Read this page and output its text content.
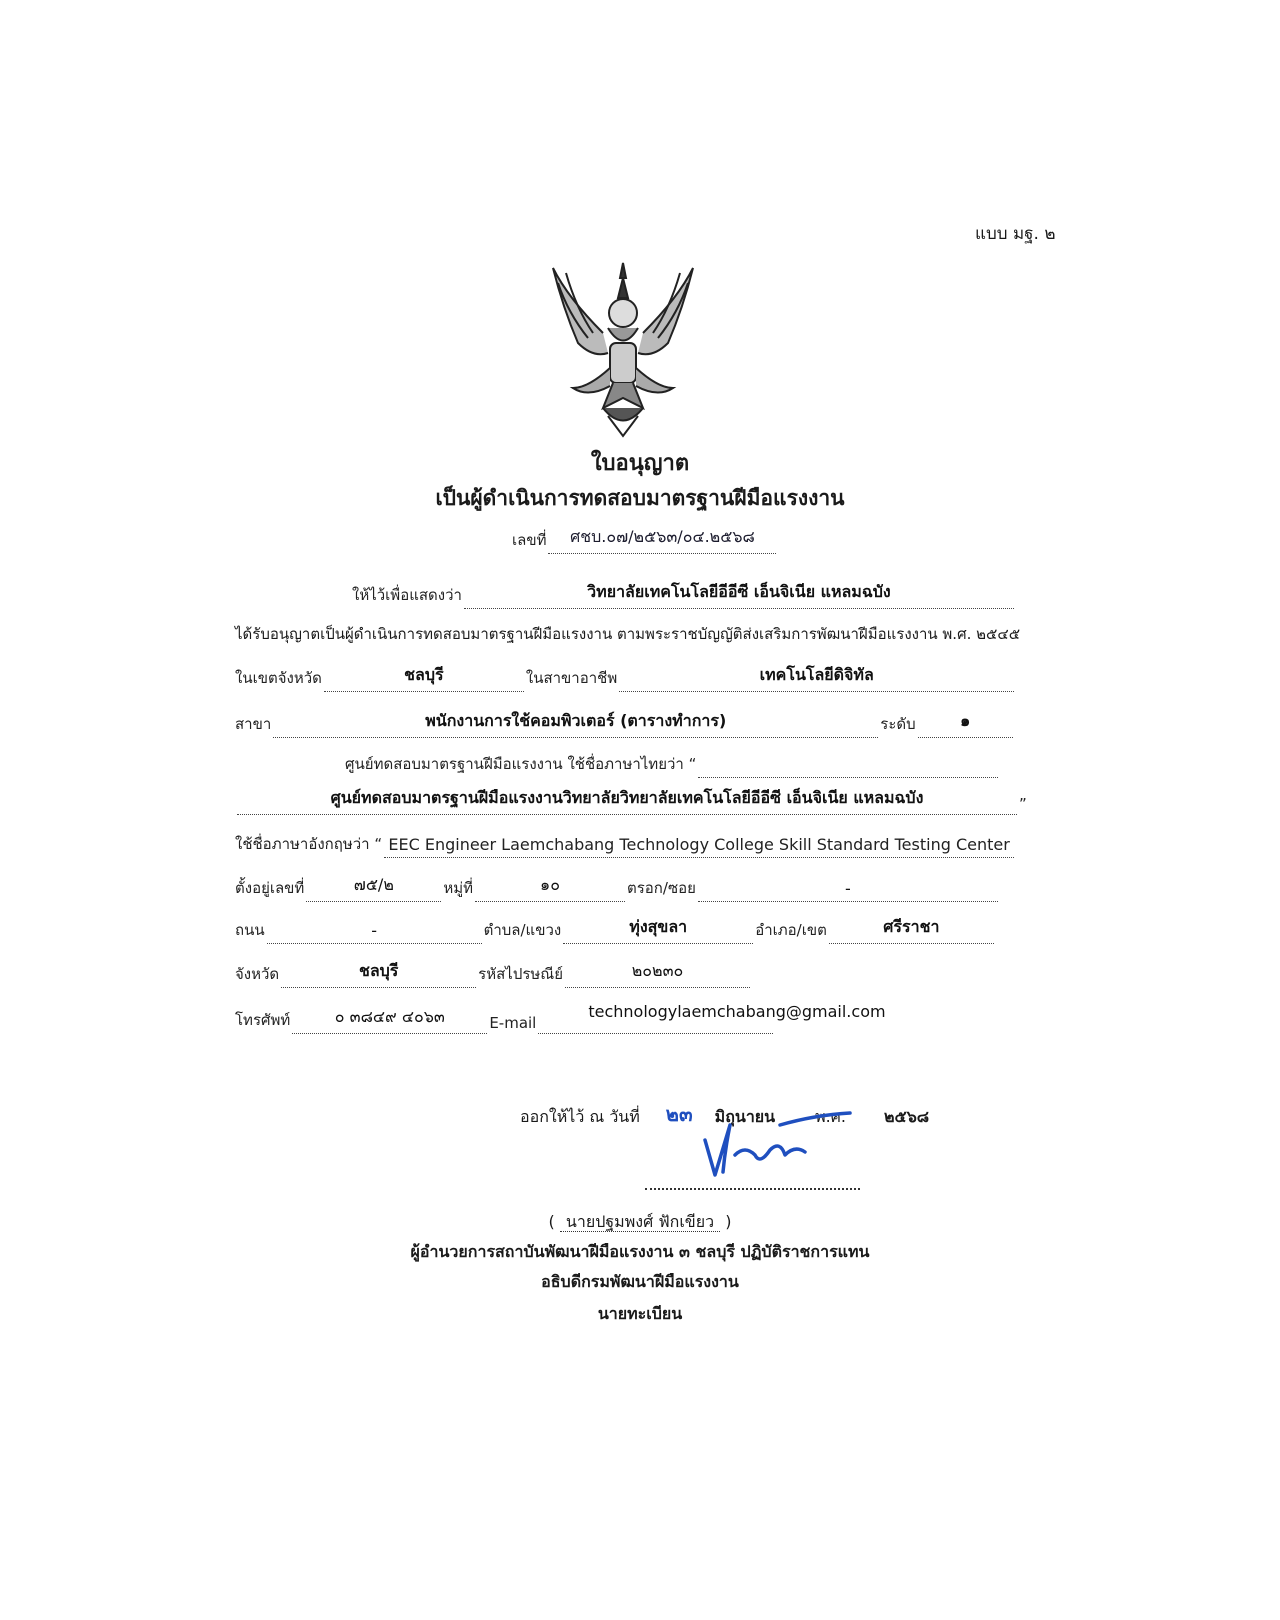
แบบ มฐ. ๒
ใบอนุญาต
เป็นผู้ดำเนินการทดสอบมาตรฐานฝีมือแรงงาน
เลขที่	ศชบ.๐๗/๒๕๖๓/๐๔.๒๕๖๘
ให้ไว้เพื่อแสดงว่า	วิทยาลัยเทคโนโลยีอีอีซี เอ็นจิเนีย แหลมฉบัง
ได้รับอนุญาตเป็นผู้ดำเนินการทดสอบมาตรฐานฝีมือแรงงาน ตามพระราชบัญญัติส่งเสริมการพัฒนาฝีมือแรงงาน พ.ศ. ๒๕๔๕
ในเขตจังหวัด	ชลบุรี	ในสาขาอาชีพ	เทคโนโลยีดิจิทัล
สาขา	พนักงานการใช้คอมพิวเตอร์ (ตารางทำการ)	ระดับ	๑
ศูนย์ทดสอบมาตรฐานฝีมือแรงงาน ใช้ชื่อภาษาไทยว่า “
ศูนย์ทดสอบมาตรฐานฝีมือแรงงานวิทยาลัยวิทยาลัยเทคโนโลยีอีอีซี เอ็นจิเนีย แหลมฉบัง	”
ใช้ชื่อภาษาอังกฤษว่า “ EEC Engineer Laemchabang Technology College Skill Standard Testing Center
ตั้งอยู่เลขที่	๗๕/๒	หมู่ที่	๑๐	ตรอก/ซอย	-
ถนน	-	ตำบล/แขวง	ทุ่งสุขลา	อำเภอ/เขต	ศรีราชา
จังหวัด	ชลบุรี	รหัสไปรษณีย์	๒๐๒๓๐
โทรศัพท์	๐ ๓๘๔๙ ๔๐๖๓	E-mail
technologylaemchabang@gmail.com
ออกให้ไว้ ณ วันที่ ๒๓ มิถุนายน	พ.ศ. ๒๕๖๘
( นายปฐมพงศ์ ฟักเขียว )
ผู้อำนวยการสถาบันพัฒนาฝีมือแรงงาน ๓ ชลบุรี ปฏิบัติราชการแทน
อธิบดีกรมพัฒนาฝีมือแรงงาน
นายทะเบียน
